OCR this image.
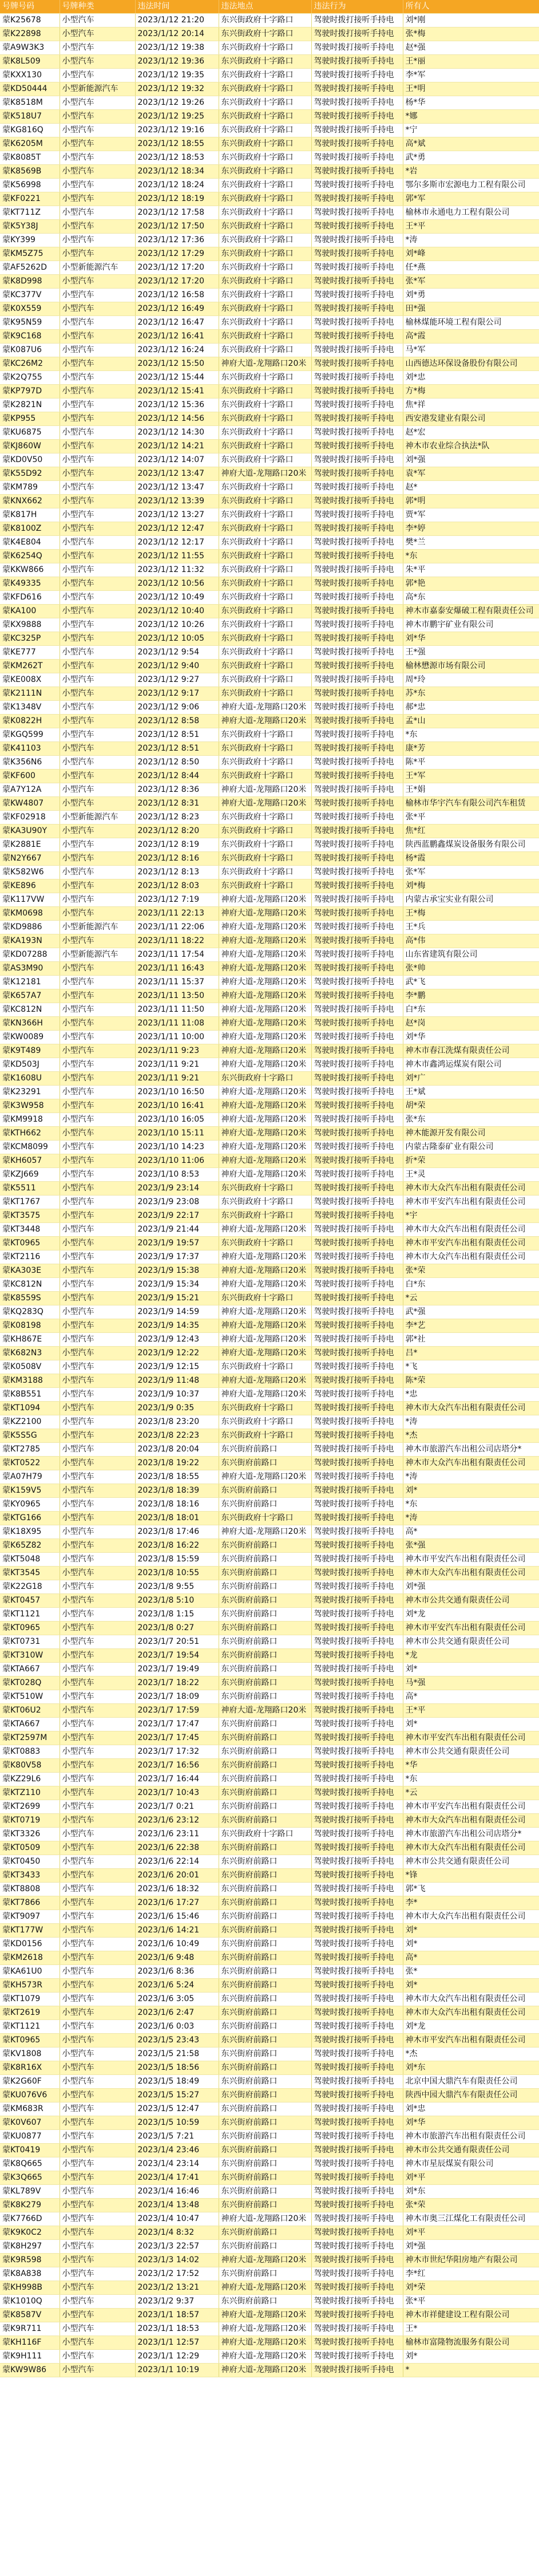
号牌号码	号牌种类	违法时间	违法地点	违法行为	所有人
蒙K25678	小型汽车	2023/1/12 21:20	东兴街政府十字路口	驾驶时拨打接听手持电	刘*刚
蒙K22898	小型汽车	2023/1/12 20:14	东兴街政府十字路口	驾驶时拨打接听手持电	张*梅
蒙A9W3K3	小型汽车	2023/1/12 19:38	东兴街政府十字路口	驾驶时拨打接听手持电	赵*强
蒙K8L509	小型汽车	2023/1/12 19:36	东兴街政府十字路口	驾驶时拨打接听手持电	王*丽
蒙KXX130	小型汽车	2023/1/12 19:35	东兴街政府十字路口	驾驶时拨打接听手持电	李*军
蒙KD50444	小型新能源汽车	2023/1/12 19:32	东兴街政府十字路口	驾驶时拨打接听手持电	王*明
蒙K8518M	小型汽车	2023/1/12 19:26	东兴街政府十字路口	驾驶时拨打接听手持电	杨*华
蒙K518U7	小型汽车	2023/1/12 19:25	东兴街政府十字路口	驾驶时拨打接听手持电	*娜
蒙KG816Q	小型汽车	2023/1/12 19:16	东兴街政府十字路口	驾驶时拨打接听手持电	*宁
蒙K6205M	小型汽车	2023/1/12 18:55	东兴街政府十字路口	驾驶时拨打接听手持电	高*斌
蒙K8085T	小型汽车	2023/1/12 18:53	东兴街政府十字路口	驾驶时拨打接听手持电	武*勇
蒙K8569B	小型汽车	2023/1/12 18:34	东兴街政府十字路口	驾驶时拨打接听手持电	*岩
蒙K56998	小型汽车	2023/1/12 18:24	东兴街政府十字路口	驾驶时拨打接听手持电	鄂尔多斯市宏源电力工程有限公司
蒙KF0221	小型汽车	2023/1/12 18:19	东兴街政府十字路口	驾驶时拨打接听手持电	郭*军
蒙KT711Z	小型汽车	2023/1/12 17:58	东兴街政府十字路口	驾驶时拨打接听手持电	榆林市永通电力工程有限公司
蒙K5Y38J	小型汽车	2023/1/12 17:50	东兴街政府十字路口	驾驶时拨打接听手持电	王*平
蒙KY399	小型汽车	2023/1/12 17:36	东兴街政府十字路口	驾驶时拨打接听手持电	*涛
蒙KM5Z75	小型汽车	2023/1/12 17:29	东兴街政府十字路口	驾驶时拨打接听手持电	刘*峰
蒙AF5262D	小型新能源汽车	2023/1/12 17:20	东兴街政府十字路口	驾驶时拨打接听手持电	任*燕
蒙K8D998	小型汽车	2023/1/12 17:20	东兴街政府十字路口	驾驶时拨打接听手持电	张*军
蒙KC377V	小型汽车	2023/1/12 16:58	东兴街政府十字路口	驾驶时拨打接听手持电	刘*勇
蒙K0X559	小型汽车	2023/1/12 16:49	东兴街政府十字路口	驾驶时拨打接听手持电	田*强
蒙K95N59	小型汽车	2023/1/12 16:47	东兴街政府十字路口	驾驶时拨打接听手持电	榆林煤能环境工程有限公司
蒙K9C168	小型汽车	2023/1/12 16:41	东兴街政府十字路口	驾驶时拨打接听手持电	高*霞
蒙K087U6	小型汽车	2023/1/12 16:24	东兴街政府十字路口	驾驶时拨打接听手持电	马*军
蒙KC26M2	小型汽车	2023/1/12 15:50	神府大道-龙翔路口20米	驾驶时拨打接听手持电	山西德达环保设备股份有限公司
蒙K2Q755	小型汽车	2023/1/12 15:44	东兴街政府十字路口	驾驶时拨打接听手持电	刘*忠
蒙KP797D	小型汽车	2023/1/12 15:41	东兴街政府十字路口	驾驶时拨打接听手持电	方*梅
蒙K2821N	小型汽车	2023/1/12 15:36	东兴街政府十字路口	驾驶时拨打接听手持电	焦*祥
蒙KP955	小型汽车	2023/1/12 14:56	东兴街政府十字路口	驾驶时拨打接听手持电	西安港发建业有限公司
蒙KU6875	小型汽车	2023/1/12 14:30	东兴街政府十字路口	驾驶时拨打接听手持电	赵*宏
蒙KJ860W	小型汽车	2023/1/12 14:21	东兴街政府十字路口	驾驶时拨打接听手持电	神木市农业综合执法*队
蒙KD0V50	小型汽车	2023/1/12 14:07	东兴街政府十字路口	驾驶时拨打接听手持电	刘*强
蒙K55D92	小型汽车	2023/1/12 13:47	神府大道-龙翔路口20米	驾驶时拨打接听手持电	袁*军
蒙KM789	小型汽车	2023/1/12 13:47	东兴街政府十字路口	驾驶时拨打接听手持电	赵*
蒙KNX662	小型汽车	2023/1/12 13:39	东兴街政府十字路口	驾驶时拨打接听手持电	郭*明
蒙K817H	小型汽车	2023/1/12 13:27	东兴街政府十字路口	驾驶时拨打接听手持电	贾*军
蒙K8100Z	小型汽车	2023/1/12 12:47	东兴街政府十字路口	驾驶时拨打接听手持电	李*婷
蒙K4E804	小型汽车	2023/1/12 12:17	东兴街政府十字路口	驾驶时拨打接听手持电	樊*兰
蒙K6254Q	小型汽车	2023/1/12 11:55	东兴街政府十字路口	驾驶时拨打接听手持电	*东
蒙KKW866	小型汽车	2023/1/12 11:32	东兴街政府十字路口	驾驶时拨打接听手持电	朱*平
蒙K49335	小型汽车	2023/1/12 10:56	东兴街政府十字路口	驾驶时拨打接听手持电	郭*艳
蒙KFD616	小型汽车	2023/1/12 10:49	东兴街政府十字路口	驾驶时拨打接听手持电	高*东
蒙KA100	小型汽车	2023/1/12 10:40	东兴街政府十字路口	驾驶时拨打接听手持电	神木市嘉泰安爆破工程有限责任公司
蒙KX9888	小型汽车	2023/1/12 10:26	东兴街政府十字路口	驾驶时拨打接听手持电	神木市鹏宇矿业有限公司
蒙KC325P	小型汽车	2023/1/12 10:05	东兴街政府十字路口	驾驶时拨打接听手持电	刘*华
蒙KE777	小型汽车	2023/1/12 9:54	东兴街政府十字路口	驾驶时拨打接听手持电	王*强
蒙KM262T	小型汽车	2023/1/12 9:40	东兴街政府十字路口	驾驶时拨打接听手持电	榆林懋源市场有限公司
蒙KE008X	小型汽车	2023/1/12 9:27	东兴街政府十字路口	驾驶时拨打接听手持电	周*玲
蒙K2111N	小型汽车	2023/1/12 9:17	东兴街政府十字路口	驾驶时拨打接听手持电	苏*东
蒙K1348V	小型汽车	2023/1/12 9:06	神府大道-龙翔路口20米	驾驶时拨打接听手持电	郝*忠
蒙K0822H	小型汽车	2023/1/12 8:58	神府大道-龙翔路口20米	驾驶时拨打接听手持电	孟*山
蒙KGQ599	小型汽车	2023/1/12 8:51	东兴街政府十字路口	驾驶时拨打接听手持电	*东
蒙K41103	小型汽车	2023/1/12 8:51	东兴街政府十字路口	驾驶时拨打接听手持电	康*芳
蒙K356N6	小型汽车	2023/1/12 8:50	东兴街政府十字路口	驾驶时拨打接听手持电	陈*平
蒙KF600	小型汽车	2023/1/12 8:44	东兴街政府十字路口	驾驶时拨打接听手持电	王*军
蒙A7Y12A	小型汽车	2023/1/12 8:36	神府大道-龙翔路口20米	驾驶时拨打接听手持电	王*娟
蒙KW4807	小型汽车	2023/1/12 8:31	神府大道-龙翔路口20米	驾驶时拨打接听手持电	榆林市华宇汽车有限公司汽车租赁
蒙KF02918	小型新能源汽车	2023/1/12 8:23	东兴街政府十字路口	驾驶时拨打接听手持电	张*平
蒙KA3U90Y	小型汽车	2023/1/12 8:20	东兴街政府十字路口	驾驶时拨打接听手持电	焦*红
蒙K2881E	小型汽车	2023/1/12 8:19	东兴街政府十字路口	驾驶时拨打接听手持电	陕西蓝鹏鑫煤炭设备服务有限公司
蒙N2Y667	小型汽车	2023/1/12 8:16	东兴街政府十字路口	驾驶时拨打接听手持电	杨*霞
蒙K582W6	小型汽车	2023/1/12 8:13	东兴街政府十字路口	驾驶时拨打接听手持电	张*军
蒙KE896	小型汽车	2023/1/12 8:03	东兴街政府十字路口	驾驶时拨打接听手持电	刘*梅
蒙K117VW	小型汽车	2023/1/12 7:19	神府大道-龙翔路口20米	驾驶时拨打接听手持电	内蒙古承宝实业有限公司
蒙KM0698	小型汽车	2023/1/11 22:13	神府大道-龙翔路口20米	驾驶时拨打接听手持电	王*梅
蒙KD9886	小型新能源汽车	2023/1/11 22:06	神府大道-龙翔路口20米	驾驶时拨打接听手持电	王*兵
蒙KA193N	小型汽车	2023/1/11 18:22	神府大道-龙翔路口20米	驾驶时拨打接听手持电	高*伟
蒙KD07288	小型新能源汽车	2023/1/11 17:54	神府大道-龙翔路口20米	驾驶时拨打接听手持电	山东省建筑有限公司
蒙AS3M90	小型汽车	2023/1/11 16:43	神府大道-龙翔路口20米	驾驶时拨打接听手持电	张*帅
蒙K12181	小型汽车	2023/1/11 15:37	神府大道-龙翔路口20米	驾驶时拨打接听手持电	武*飞
蒙K657A7	小型汽车	2023/1/11 13:50	神府大道-龙翔路口20米	驾驶时拨打接听手持电	李*鹏
蒙KC812N	小型汽车	2023/1/11 11:50	神府大道-龙翔路口20米	驾驶时拨打接听手持电	白*东
蒙KN366H	小型汽车	2023/1/11 11:08	神府大道-龙翔路口20米	驾驶时拨打接听手持电	赵*岗
蒙KW0089	小型汽车	2023/1/11 10:00	神府大道-龙翔路口20米	驾驶时拨打接听手持电	刘*华
蒙K9T489	小型汽车	2023/1/11 9:23	神府大道-龙翔路口20米	驾驶时拨打接听手持电	神木市春江洗煤有限责任公司
蒙KD503J	小型汽车	2023/1/11 9:21	神府大道-龙翔路口20米	驾驶时拨打接听手持电	神木市鑫鸿运煤炭有限公司
蒙K1608U	小型汽车	2023/1/11 9:21	东兴街政府十字路口	驾驶时拨打接听手持电	刘*广
蒙K23291	小型汽车	2023/1/10 16:50	神府大道-龙翔路口20米	驾驶时拨打接听手持电	王*斌
蒙K3W958	小型汽车	2023/1/10 16:41	神府大道-龙翔路口20米	驾驶时拨打接听手持电	胡*荣
蒙KM9918	小型汽车	2023/1/10 16:05	神府大道-龙翔路口20米	驾驶时拨打接听手持电	张*东
蒙KTH662	小型汽车	2023/1/10 15:11	神府大道-龙翔路口20米	驾驶时拨打接听手持电	神木能源开发有限公司
蒙KCM8099	小型汽车	2023/1/10 14:23	神府大道-龙翔路口20米	驾驶时拨打接听手持电	内蒙古隆泰矿业有限公司
蒙KH6057	小型汽车	2023/1/10 11:06	神府大道-龙翔路口20米	驾驶时拨打接听手持电	折*荣
蒙KZJ669	小型汽车	2023/1/10 8:53	神府大道-龙翔路口20米	驾驶时拨打接听手持电	王*灵
蒙K5511	小型汽车	2023/1/9 23:14	东兴街政府十字路口	驾驶时拨打接听手持电	神木市大众汽车出租有限责任公司
蒙KT1767	小型汽车	2023/1/9 23:08	东兴街政府十字路口	驾驶时拨打接听手持电	神木市平安汽车出租有限责任公司
蒙KT3575	小型汽车	2023/1/9 22:17	东兴街政府十字路口	驾驶时拨打接听手持电	*宇
蒙KT3448	小型汽车	2023/1/9 21:44	神府大道-龙翔路口20米	驾驶时拨打接听手持电	神木市大众汽车出租有限责任公司
蒙KT0965	小型汽车	2023/1/9 19:57	东兴街政府十字路口	驾驶时拨打接听手持电	神木市平安汽车出租有限责任公司
蒙KT2116	小型汽车	2023/1/9 17:37	神府大道-龙翔路口20米	驾驶时拨打接听手持电	神木市大众汽车出租有限责任公司
蒙KA303E	小型汽车	2023/1/9 15:38	神府大道-龙翔路口20米	驾驶时拨打接听手持电	张*荣
蒙KC812N	小型汽车	2023/1/9 15:34	神府大道-龙翔路口20米	驾驶时拨打接听手持电	白*东
蒙K8559S	小型汽车	2023/1/9 15:21	东兴街政府十字路口	驾驶时拨打接听手持电	*云
蒙KQ283Q	小型汽车	2023/1/9 14:59	神府大道-龙翔路口20米	驾驶时拨打接听手持电	武*强
蒙K08198	小型汽车	2023/1/9 14:35	神府大道-龙翔路口20米	驾驶时拨打接听手持电	李*艺
蒙KH867E	小型汽车	2023/1/9 12:43	神府大道-龙翔路口20米	驾驶时拨打接听手持电	郭*社
蒙K682N3	小型汽车	2023/1/9 12:22	神府大道-龙翔路口20米	驾驶时拨打接听手持电	吕*
蒙K0508V	小型汽车	2023/1/9 12:15	东兴街政府十字路口	驾驶时拨打接听手持电	*飞
蒙KM3188	小型汽车	2023/1/9 11:48	神府大道-龙翔路口20米	驾驶时拨打接听手持电	陈*荣
蒙K8B551	小型汽车	2023/1/9 10:37	神府大道-龙翔路口20米	驾驶时拨打接听手持电	*忠
蒙KT1094	小型汽车	2023/1/9 0:35	东兴街政府十字路口	驾驶时拨打接听手持电	神木市大众汽车出租有限责任公司
蒙KZ2100	小型汽车	2023/1/8 23:20	东兴街政府十字路口	驾驶时拨打接听手持电	*涛
蒙K5S5G	小型汽车	2023/1/8 22:23	东兴街政府十字路口	驾驶时拨打接听手持电	*杰
蒙KT2785	小型汽车	2023/1/8 20:04	东兴街府前路口	驾驶时拨打接听手持电	神木市旅游汽车出租公司店塔分*
蒙KT0522	小型汽车	2023/1/8 19:22	东兴街府前路口	驾驶时拨打接听手持电	神木市大众汽车出租有限责任公司
蒙A07H79	小型汽车	2023/1/8 18:55	神府大道-龙翔路口20米	驾驶时拨打接听手持电	*涛
蒙K159V5	小型汽车	2023/1/8 18:39	东兴街府前路口	驾驶时拨打接听手持电	刘*
蒙KY0965	小型汽车	2023/1/8 18:16	东兴街府前路口	驾驶时拨打接听手持电	*东
蒙KTG166	小型汽车	2023/1/8 18:01	东兴街政府十字路口	驾驶时拨打接听手持电	*涛
蒙K18X95	小型汽车	2023/1/8 17:46	神府大道-龙翔路口20米	驾驶时拨打接听手持电	高*
蒙K65Z82	小型汽车	2023/1/8 16:22	东兴街府前路口	驾驶时拨打接听手持电	张*强
蒙KT5048	小型汽车	2023/1/8 15:59	东兴街府前路口	驾驶时拨打接听手持电	神木市平安汽车出租有限责任公司
蒙KT3545	小型汽车	2023/1/8 10:55	东兴街府前路口	驾驶时拨打接听手持电	神木市大众汽车出租有限责任公司
蒙K22G18	小型汽车	2023/1/8 9:55	东兴街府前路口	驾驶时拨打接听手持电	刘*强
蒙KT0457	小型汽车	2023/1/8 5:10	东兴街府前路口	驾驶时拨打接听手持电	神木市公共交通有限责任公司
蒙KT1121	小型汽车	2023/1/8 1:15	东兴街府前路口	驾驶时拨打接听手持电	刘*龙
蒙KT0965	小型汽车	2023/1/8 0:27	东兴街府前路口	驾驶时拨打接听手持电	神木市平安汽车出租有限责任公司
蒙KT0731	小型汽车	2023/1/7 20:51	东兴街府前路口	驾驶时拨打接听手持电	神木市公共交通有限责任公司
蒙KT310W	小型汽车	2023/1/7 19:54	东兴街府前路口	驾驶时拨打接听手持电	*龙
蒙KTA667	小型汽车	2023/1/7 19:49	东兴街府前路口	驾驶时拨打接听手持电	刘*
蒙KT028Q	小型汽车	2023/1/7 18:22	东兴街府前路口	驾驶时拨打接听手持电	马*强
蒙KT510W	小型汽车	2023/1/7 18:09	东兴街府前路口	驾驶时拨打接听手持电	高*
蒙KT06U2	小型汽车	2023/1/7 17:59	神府大道-龙翔路口20米	驾驶时拨打接听手持电	王*平
蒙KTA667	小型汽车	2023/1/7 17:47	东兴街府前路口	驾驶时拨打接听手持电	刘*
蒙KT2597M	小型汽车	2023/1/7 17:45	东兴街府前路口	驾驶时拨打接听手持电	神木市平安汽车出租有限责任公司
蒙KT0883	小型汽车	2023/1/7 17:32	东兴街府前路口	驾驶时拨打接听手持电	神木市公共交通有限责任公司
蒙K80V58	小型汽车	2023/1/7 16:56	东兴街府前路口	驾驶时拨打接听手持电	*华
蒙KZ29L6	小型汽车	2023/1/7 16:44	东兴街府前路口	驾驶时拨打接听手持电	*东
蒙KTZ110	小型汽车	2023/1/7 10:43	东兴街府前路口	驾驶时拨打接听手持电	*云
蒙KT2699	小型汽车	2023/1/7 0:21	东兴街府前路口	驾驶时拨打接听手持电	神木市平安汽车出租有限责任公司
蒙KT0719	小型汽车	2023/1/6 23:12	东兴街府前路口	驾驶时拨打接听手持电	神木市大众汽车出租有限责任公司
蒙KT3326	小型汽车	2023/1/6 23:11	东兴街政府十字路口	驾驶时拨打接听手持电	神木市旅游汽车出租公司店塔分*
蒙KT0509	小型汽车	2023/1/6 22:38	东兴街府前路口	驾驶时拨打接听手持电	神木市大众汽车出租有限责任公司
蒙KT0450	小型汽车	2023/1/6 22:14	东兴街府前路口	驾驶时拨打接听手持电	神木市公共交通有限责任公司
蒙KT3433	小型汽车	2023/1/6 20:01	东兴街府前路口	驾驶时拨打接听手持电	*锋
蒙KT8808	小型汽车	2023/1/6 18:32	东兴街府前路口	驾驶时拨打接听手持电	郭*飞
蒙KT7866	小型汽车	2023/1/6 17:27	东兴街府前路口	驾驶时拨打接听手持电	李*
蒙KT9097	小型汽车	2023/1/6 15:46	东兴街府前路口	驾驶时拨打接听手持电	神木市大众汽车出租有限责任公司
蒙KT177W	小型汽车	2023/1/6 14:21	东兴街府前路口	驾驶时拨打接听手持电	刘*
蒙KD0156	小型汽车	2023/1/6 10:49	东兴街府前路口	驾驶时拨打接听手持电	刘*
蒙KM2618	小型汽车	2023/1/6 9:48	东兴街府前路口	驾驶时拨打接听手持电	高*
蒙KA61U0	小型汽车	2023/1/6 8:36	东兴街府前路口	驾驶时拨打接听手持电	张*
蒙KH573R	小型汽车	2023/1/6 5:24	东兴街府前路口	驾驶时拨打接听手持电	刘*
蒙KT1079	小型汽车	2023/1/6 3:05	东兴街府前路口	驾驶时拨打接听手持电	神木市大众汽车出租有限责任公司
蒙KT2619	小型汽车	2023/1/6 2:47	东兴街府前路口	驾驶时拨打接听手持电	神木市大众汽车出租有限责任公司
蒙KT1121	小型汽车	2023/1/6 0:03	东兴街府前路口	驾驶时拨打接听手持电	刘*龙
蒙KT0965	小型汽车	2023/1/5 23:43	东兴街府前路口	驾驶时拨打接听手持电	神木市平安汽车出租有限责任公司
蒙KV1808	小型汽车	2023/1/5 21:58	东兴街府前路口	驾驶时拨打接听手持电	*杰
蒙K8R16X	小型汽车	2023/1/5 18:56	东兴街府前路口	驾驶时拨打接听手持电	刘*东
蒙K2G60F	小型汽车	2023/1/5 18:49	东兴街府前路口	驾驶时拨打接听手持电	北京中国大鼎汽车有限责任公司
蒙KU076V6	小型汽车	2023/1/5 15:27	东兴街府前路口	驾驶时拨打接听手持电	陕西中园大鼎汽车有限责任公司
蒙KM683R	小型汽车	2023/1/5 12:47	东兴街府前路口	驾驶时拨打接听手持电	刘*忠
蒙K0V607	小型汽车	2023/1/5 10:59	东兴街府前路口	驾驶时拨打接听手持电	刘*华
蒙KU0877	小型汽车	2023/1/5 7:21	东兴街府前路口	驾驶时拨打接听手持电	神木市旅游汽车出租有限责任公司
蒙KT0419	小型汽车	2023/1/4 23:46	东兴街府前路口	驾驶时拨打接听手持电	神木市公共交通有限责任公司
蒙K8Q665	小型汽车	2023/1/4 23:14	东兴街府前路口	驾驶时拨打接听手持电	神木市星辰煤炭有限公司
蒙K3Q665	小型汽车	2023/1/4 17:41	东兴街府前路口	驾驶时拨打接听手持电	刘*平
蒙KL789V	小型汽车	2023/1/4 16:46	东兴街府前路口	驾驶时拨打接听手持电	刘*东
蒙K8K279	小型汽车	2023/1/4 13:48	东兴街府前路口	驾驶时拨打接听手持电	张*荣
蒙K7766D	小型汽车	2023/1/4 10:47	神府大道-龙翔路口20米	驾驶时拨打接听手持电	神木市奥三江煤化工有限责任公司
蒙K9K0C2	小型汽车	2023/1/4 8:32	东兴街府前路口	驾驶时拨打接听手持电	刘*平
蒙K8H297	小型汽车	2023/1/3 22:57	东兴街府前路口	驾驶时拨打接听手持电	刘*强
蒙K9R598	小型汽车	2023/1/3 14:02	神府大道-龙翔路口20米	驾驶时拨打接听手持电	神木市世纪华阳房地产有限公司
蒙K8A838	小型汽车	2023/1/2 17:52	东兴街府前路口	驾驶时拨打接听手持电	李*红
蒙KH998B	小型汽车	2023/1/2 13:21	神府大道-龙翔路口20米	驾驶时拨打接听手持电	刘*荣
蒙K1010Q	小型汽车	2023/1/2 9:37	东兴街府前路口	驾驶时拨打接听手持电	张*平
蒙K8587V	小型汽车	2023/1/1 18:57	神府大道-龙翔路口20米	驾驶时拨打接听手持电	神木市祥健建设工程有限公司
蒙K9R711	小型汽车	2023/1/1 18:53	神府大道-龙翔路口20米	驾驶时拨打接听手持电	王*
蒙KH116F	小型汽车	2023/1/1 12:57	神府大道-龙翔路口20米	驾驶时拨打接听手持电	榆林市富隆物流服务有限公司
蒙K9H111	小型汽车	2023/1/1 12:29	神府大道-龙翔路口20米	驾驶时拨打接听手持电	刘*
蒙KW9W86	小型汽车	2023/1/1 10:19	神府大道-龙翔路口20米	驾驶时拨打接听手持电	*
